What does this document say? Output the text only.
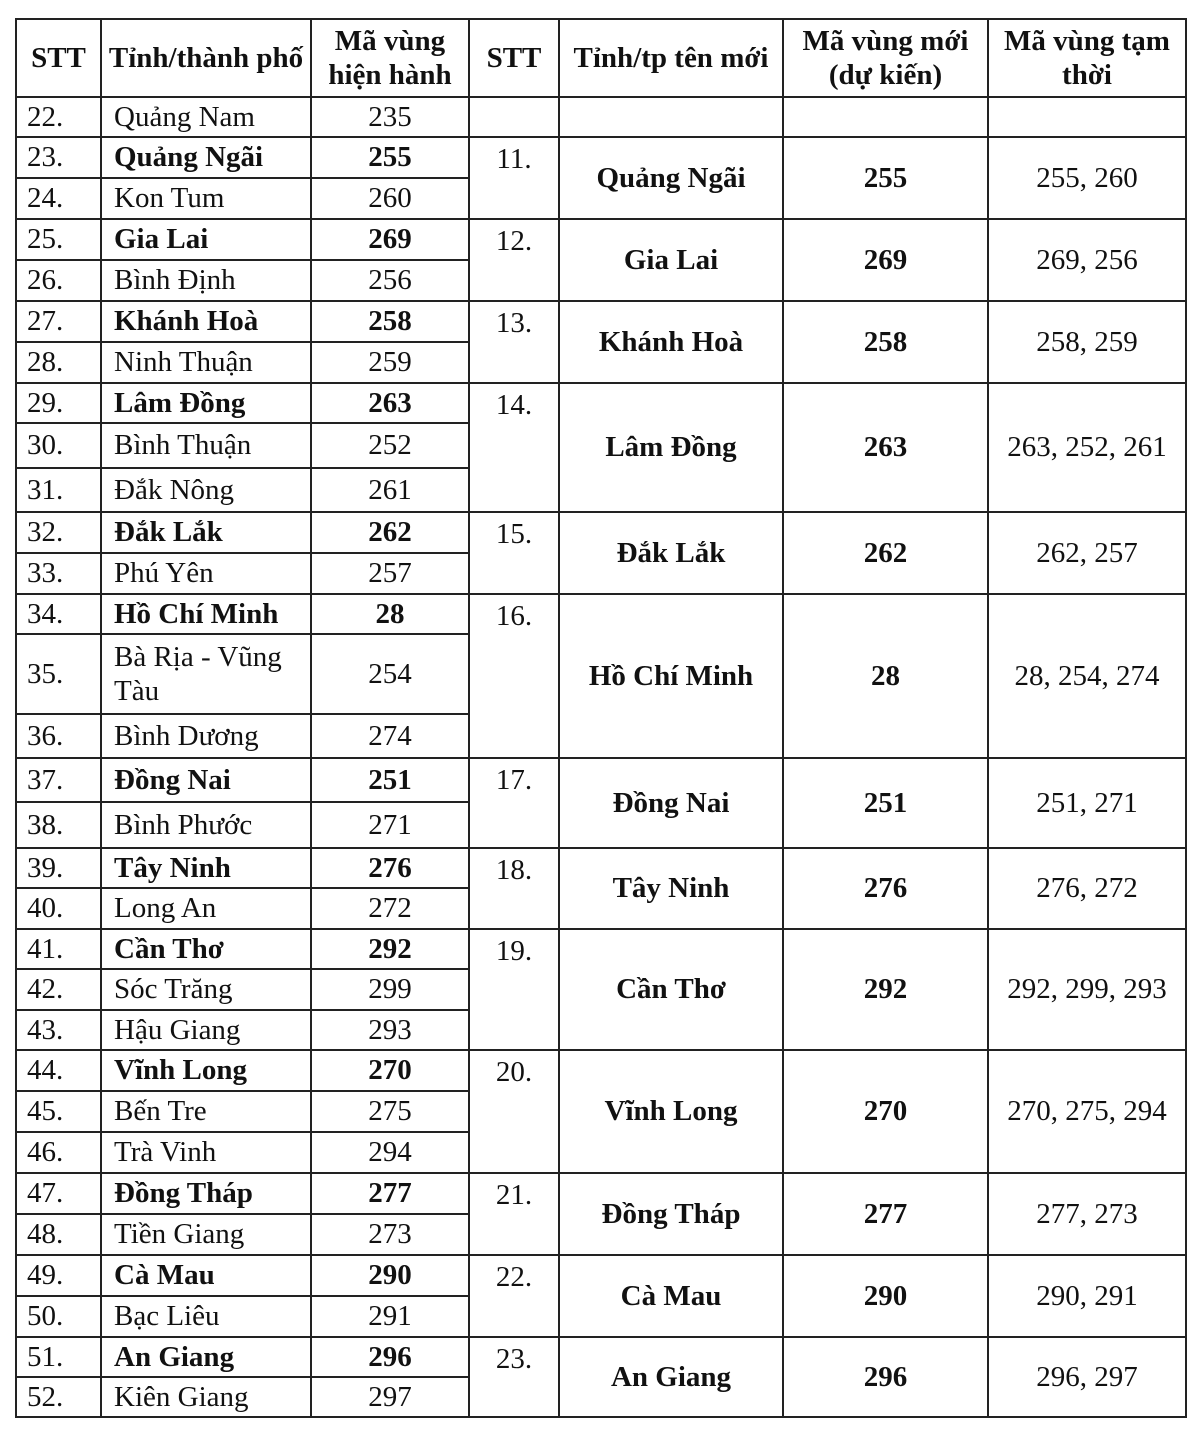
STT	Tỉnh/thành phố	Mã vùng hiện hành	STT	Tỉnh/tp tên mới	Mã vùng mới (dự kiến)	Mã vùng tạm thời
22.	Quảng Nam	235				
23.	Quảng Ngãi	255	11.	Quảng Ngãi	255	255, 260
24.	Kon Tum	260				
25.	Gia Lai	269	12.	Gia Lai	269	269, 256
26.	Bình Định	256				
27.	Khánh Hoà	258	13.	Khánh Hoà	258	258, 259
28.	Ninh Thuận	259				
29.	Lâm Đồng	263	14.	Lâm Đồng	263	263, 252, 261
30.	Bình Thuận	252				
31.	Đắk Nông	261				
32.	Đắk Lắk	262	15.	Đắk Lắk	262	262, 257
33.	Phú Yên	257				
34.	Hồ Chí Minh	28	16.	Hồ Chí Minh	28	28, 254, 274
35.	Bà Rịa - Vũng Tàu	254				
36.	Bình Dương	274				
37.	Đồng Nai	251	17.	Đồng Nai	251	251, 271
38.	Bình Phước	271				
39.	Tây Ninh	276	18.	Tây Ninh	276	276, 272
40.	Long An	272				
41.	Cần Thơ	292	19.	Cần Thơ	292	292, 299, 293
42.	Sóc Trăng	299				
43.	Hậu Giang	293				
44.	Vĩnh Long	270	20.	Vĩnh Long	270	270, 275, 294
45.	Bến Tre	275				
46.	Trà Vinh	294				
47.	Đồng Tháp	277	21.	Đồng Tháp	277	277, 273
48.	Tiền Giang	273				
49.	Cà Mau	290	22.	Cà Mau	290	290, 291
50.	Bạc Liêu	291				
51.	An Giang	296	23.	An Giang	296	296, 297
52.	Kiên Giang	297				
